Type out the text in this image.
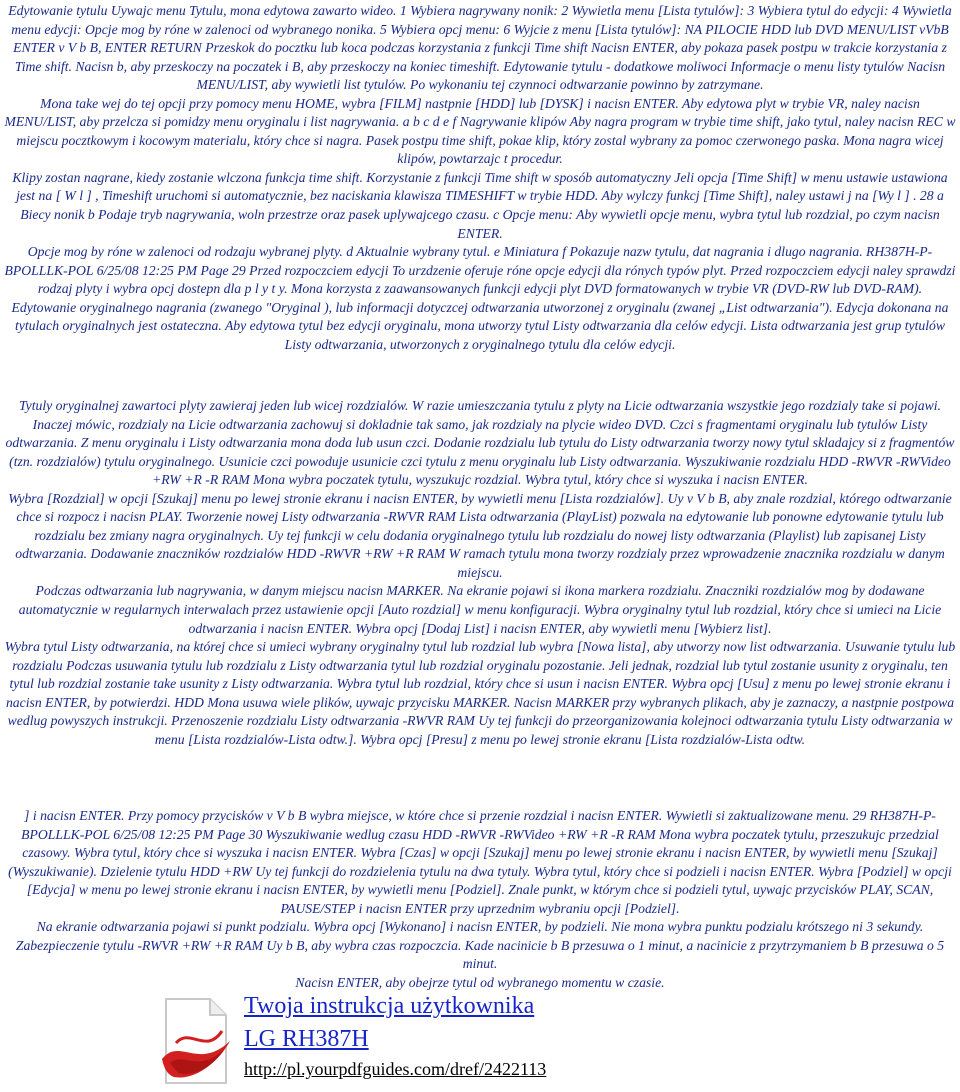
Edytowanie tytulu Uywajc menu Tytulu, mona edytowa zawarto wideo. 1 Wybiera nagrywany nonik: 2 Wywietla menu [Lista tytulów]: 3 Wybiera tytul do edycji: 4 Wywietla menu edycji: Opcje mog by róne w zalenoci od wybranego nonika. 5 Wybiera opcj menu: 6 Wyjcie z menu [Lista tytulów]: NA PILOCIE HDD lub DVD MENU/LIST vVbB ENTER v V b B, ENTER RETURN Przeskok do pocztku lub koca podczas korzystania z funkcji Time shift Nacisn ENTER, aby pokaza pasek postpu w trakcie korzystania z Time shift. Nacisn b, aby przeskoczy na poczatek i B, aby przeskoczy na koniec timeshift. Edytowanie tytulu - dodatkowe moliwoci Informacje o menu listy tytulów Nacisn MENU/LIST, aby wywietli list tytulów. Po wykonaniu tej czynnoci odtwarzanie powinno by zatrzymane.
Mona take wej do tej opcji przy pomocy menu HOME, wybra [FILM] nastpnie [HDD] lub [DYSK] i nacisn ENTER. Aby edytowa plyt w trybie VR, naley nacisn MENU/LIST, aby przelcza si pomidzy menu oryginalu i list nagrywania. a b c d e f Nagrywanie klipów Aby nagra program w trybie time shift, jako tytul, naley nacisn REC w miejscu pocztkowym i kocowym materialu, który chce si nagra. Pasek postpu time shift, pokae klip, który zostal wybrany za pomoc czerwonego paska. Mona nagra wicej klipów, powtarzajc t procedur.
Klipy zostan nagrane, kiedy zostanie wlczona funkcja time shift. Korzystanie z funkcji Time shift w sposób automatyczny Jeli opcja [Time Shift] w menu ustawie ustawiona jest na [ W l ] , Timeshift uruchomi si automatycznie, bez naciskania klawisza TIMESHIFT w trybie HDD. Aby wylczy funkcj [Time Shift], naley ustawi j na [Wy l ] . 28 a Biecy nonik b Podaje tryb nagrywania, woln przestrze oraz pasek uplywajcego czasu. c Opcje menu: Aby wywietli opcje menu, wybra tytul lub rozdzial, po czym nacisn ENTER.
Opcje mog by róne w zalenoci od rodzaju wybranej plyty. d Aktualnie wybrany tytul. e Miniatura f Pokazuje nazw tytulu, dat nagrania i dlugo nagrania. RH387H-P-BPOLLLK-POL 6/25/08 12:25 PM Page 29 Przed rozpoczciem edycji To urzdzenie oferuje róne opcje edycji dla rónych typów plyt. Przed rozpoczciem edycji naley sprawdzi rodzaj plyty i wybra opcj dostepn dla p l y t y. Mona korzysta z zaawansowanych funkcji edycji plyt DVD formatowanych w trybie VR (DVD-RW lub DVD-RAM). Edytowanie oryginalnego nagrania (zwanego "Oryginal ), lub informacji dotyczcej odtwarzania utworzonej z oryginalu (zwanej „List odtwarzania"). Edycja dokonana na tytulach oryginalnych jest ostateczna. Aby edytowa tytul bez edycji oryginalu, mona utworzy tytul Listy odtwarzania dla celów edycji. Lista odtwarzania jest grup tytulów Listy odtwarzania, utworzonych z oryginalnego tytulu dla celów edycji.
Tytuly oryginalnej zawartoci plyty zawieraj jeden lub wicej rozdzialów. W razie umieszczania tytulu z plyty na Licie odtwarzania wszystkie jego rozdzialy take si pojawi. Inaczej mówic, rozdzialy na Licie odtwarzania zachowuj si dokladnie tak samo, jak rozdzialy na plycie wideo DVD. Czci s fragmentami oryginalu lub tytulów Listy odtwarzania. Z menu oryginalu i Listy odtwarzania mona doda lub usun czci. Dodanie rozdzialu lub tytulu do Listy odtwarzania tworzy nowy tytul skladajcy si z fragmentów (tzn. rozdzialów) tytulu oryginalnego. Usunicie czci powoduje usunicie czci tytulu z menu oryginalu lub Listy odtwarzania. Wyszukiwanie rozdzialu HDD -RWVR -RWVideo +RW +R -R RAM Mona wybra poczatek tytulu, wyszukujc rozdzial. Wybra tytul, który chce si wyszuka i nacisn ENTER.
Wybra [Rozdzial] w opcji [Szukaj] menu po lewej stronie ekranu i nacisn ENTER, by wywietli menu [Lista rozdzialów]. Uy v V b B, aby znale rozdzial, którego odtwarzanie chce si rozpocz i nacisn PLAY. Tworzenie nowej Listy odtwarzania -RWVR RAM Lista odtwarzania (PlayList) pozwala na edytowanie lub ponowne edytowanie tytulu lub rozdzialu bez zmiany nagra oryginalnych. Uy tej funkcji w celu dodania oryginalnego tytulu lub rozdzialu do nowej listy odtwarzania (Playlist) lub zapisanej Listy odtwarzania. Dodawanie znaczników rozdzialów HDD -RWVR +RW +R RAM W ramach tytulu mona tworzy rozdzialy przez wprowadzenie znacznika rozdzialu w danym miejscu.
Podczas odtwarzania lub nagrywania, w danym miejscu nacisn MARKER. Na ekranie pojawi si ikona markera rozdzialu. Znaczniki rozdzialów mog by dodawane automatycznie w regularnych interwalach przez ustawienie opcji [Auto rozdzial] w menu konfiguracji. Wybra oryginalny tytul lub rozdzial, który chce si umieci na Licie odtwarzania i nacisn ENTER. Wybra opcj [Dodaj List] i nacisn ENTER, aby wywietli menu [Wybierz list].
Wybra tytul Listy odtwarzania, na której chce si umieci wybrany oryginalny tytul lub rozdzial lub wybra [Nowa lista], aby utworzy now list odtwarzania. Usuwanie tytulu lub rozdzialu Podczas usuwania tytulu lub rozdzialu z Listy odtwarzania tytul lub rozdzial oryginalu pozostanie. Jeli jednak, rozdzial lub tytul zostanie usunity z oryginalu, ten tytul lub rozdzial zostanie take usunity z Listy odtwarzania. Wybra tytul lub rozdzial, który chce si usun i nacisn ENTER. Wybra opcj [Usu] z menu po lewej stronie ekranu i nacisn ENTER, by potwierdzi. HDD Mona usuwa wiele plików, uywajc przycisku MARKER. Nacisn MARKER przy wybranych plikach, aby je zaznaczy, a nastpnie postpowa wedlug powyszych instrukcji. Przenoszenie rozdzialu Listy odtwarzania -RWVR RAM Uy tej funkcji do przeorganizowania kolejnoci odtwarzania tytulu Listy odtwarzania w menu [Lista rozdzialów-Lista odtw.]. Wybra opcj [Presu] z menu po lewej stronie ekranu [Lista rozdzialów-Lista odtw.
] i nacisn ENTER. Przy pomocy przycisków v V b B wybra miejsce, w które chce si przenie rozdzial i nacisn ENTER. Wywietli si zaktualizowane menu. 29 RH387H-P-BPOLLLK-POL 6/25/08 12:25 PM Page 30 Wyszukiwanie wedlug czasu HDD -RWVR -RWVideo +RW +R -R RAM Mona wybra poczatek tytulu, przeszukujc przedzial czasowy. Wybra tytul, który chce si wyszuka i nacisn ENTER. Wybra [Czas] w opcji [Szukaj] menu po lewej stronie ekranu i nacisn ENTER, by wywietli menu [Szukaj] (Wyszukiwanie). Dzielenie tytulu HDD +RW Uy tej funkcji do rozdzielenia tytulu na dwa tytuly. Wybra tytul, który chce si podzieli i nacisn ENTER. Wybra [Podziel] w opcji [Edycja] w menu po lewej stronie ekranu i nacisn ENTER, by wywietli menu [Podziel]. Znale punkt, w którym chce si podzieli tytul, uywajc przycisków PLAY, SCAN, PAUSE/STEP i nacisn ENTER przy uprzednim wybraniu opcji [Podziel].
Na ekranie odtwarzania pojawi si punkt podzialu. Wybra opcj [Wykonano] i nacisn ENTER, by podzieli. Nie mona wybra punktu podzialu krótszego ni 3 sekundy. Zabezpieczenie tytulu -RWVR +RW +R RAM Uy b B, aby wybra czas rozpoczcia. Kade nacinicie b B przesuwa o 1 minut, a nacinicie z przytrzymaniem b B przesuwa o 5 minut.
Nacisn ENTER, aby obejrze tytul od wybranego momentu w czasie.
Twoja instrukcja użytkownika
LG RH387H
http://pl.yourpdfguides.com/dref/2422113
